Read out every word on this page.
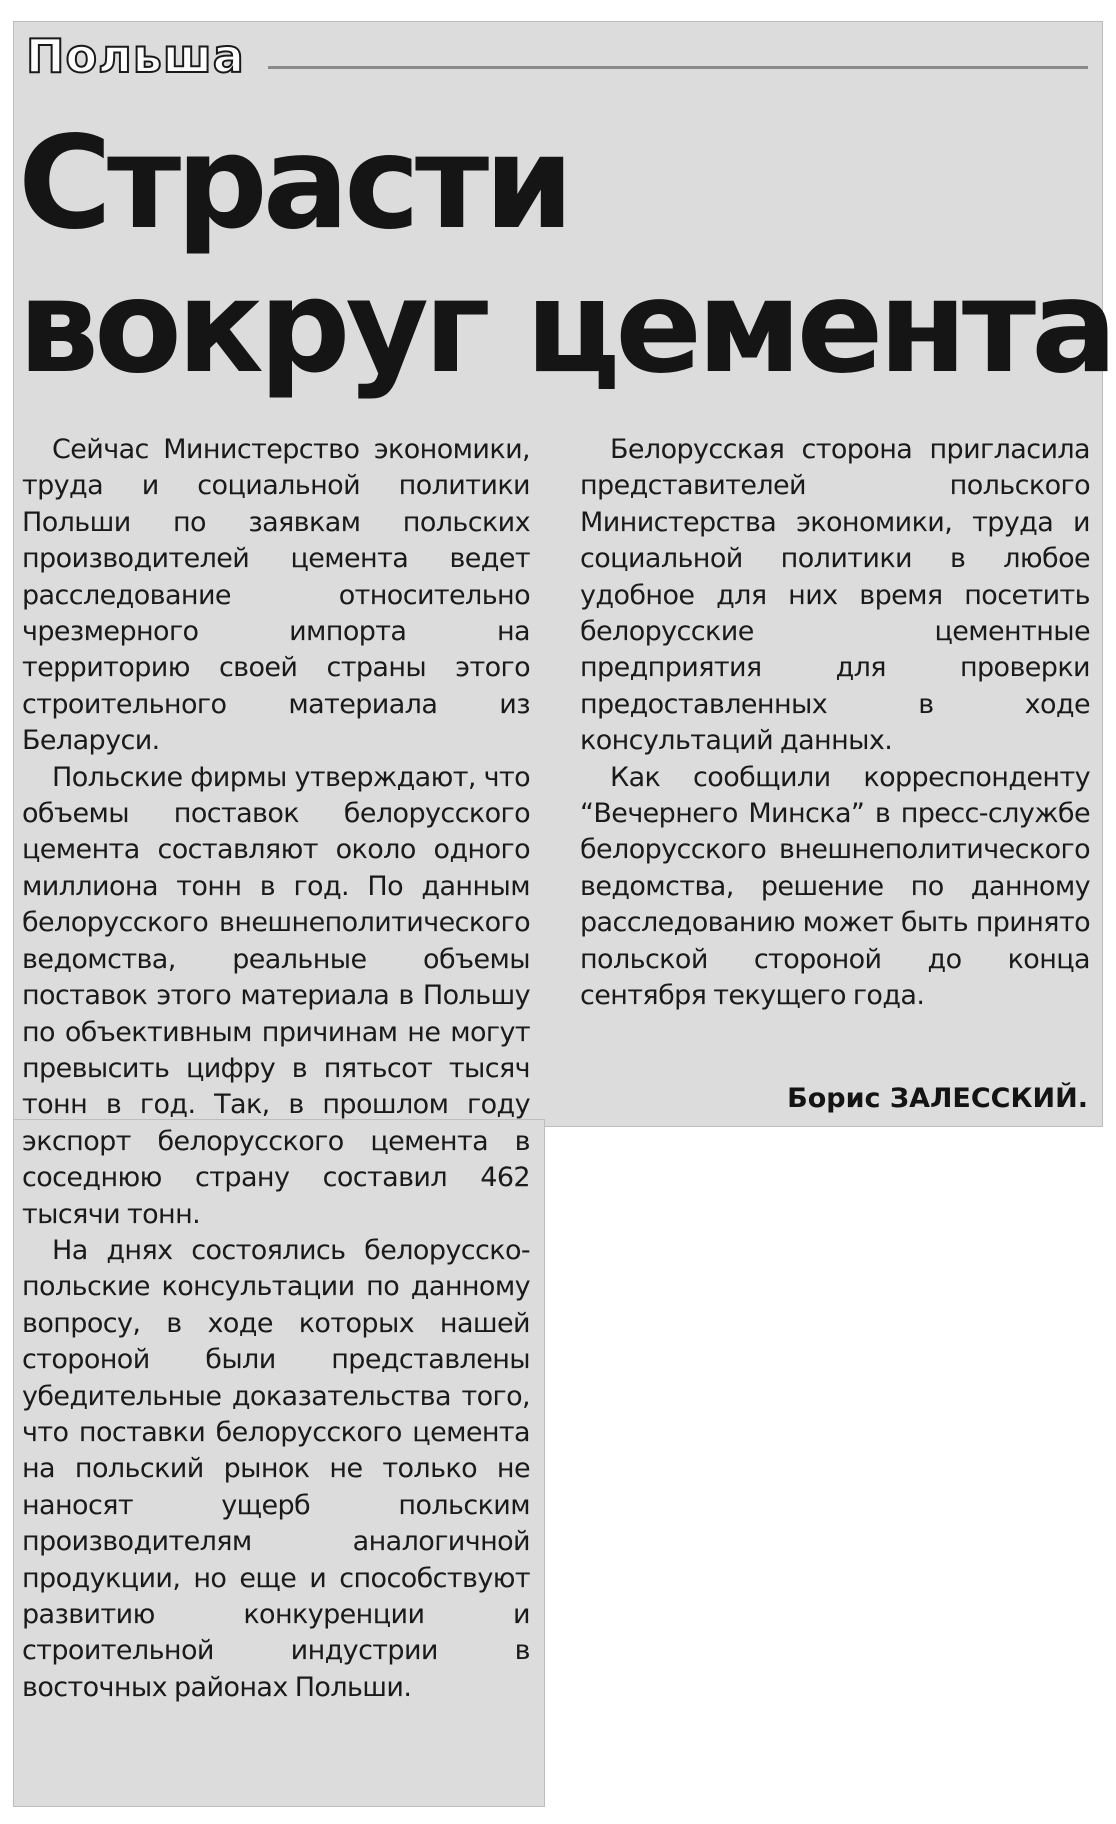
Польша
Страсти
вокруг цемента

Сейчас Министерство экономики, труда и социальной политики Польши по заявкам польских производителей цемента ведет расследование относительно чрезмерного импорта на территорию своей страны этого строительного материала из Беларуси.

Польские фирмы утверждают, что объемы поставок белорусского цемента составляют около одного миллиона тонн в год. По данным белорусского внешнеполитического ведомства, реальные объемы поставок этого материала в Польшу по объективным причинам не могут превысить цифру в пятьсот тысяч тонн в год. Так, в прошлом году экспорт белорусского цемента в соседнюю страну составил 462 тысячи тонн.

На днях состоялись белорусско-польские консультации по данному вопросу, в ходе которых нашей стороной были представлены убедительные доказательства того, что поставки белорусского цемента на польский рынок не только не наносят ущерб польским производителям аналогичной продукции, но еще и способствуют развитию конкуренции и строительной индустрии в восточных районах Польши.

Белорусская сторона пригласила представителей польского Министерства экономики, труда и социальной политики в любое удобное для них время посетить белорусские цементные предприятия для проверки предоставленных в ходе консультаций данных.

Как сообщили корреспонденту “Вечернего Минска” в пресс-службе белорусского внешнеполитического ведомства, решение по данному расследованию может быть принято польской стороной до конца сентября текущего года.

Борис ЗАЛЕССКИЙ.
